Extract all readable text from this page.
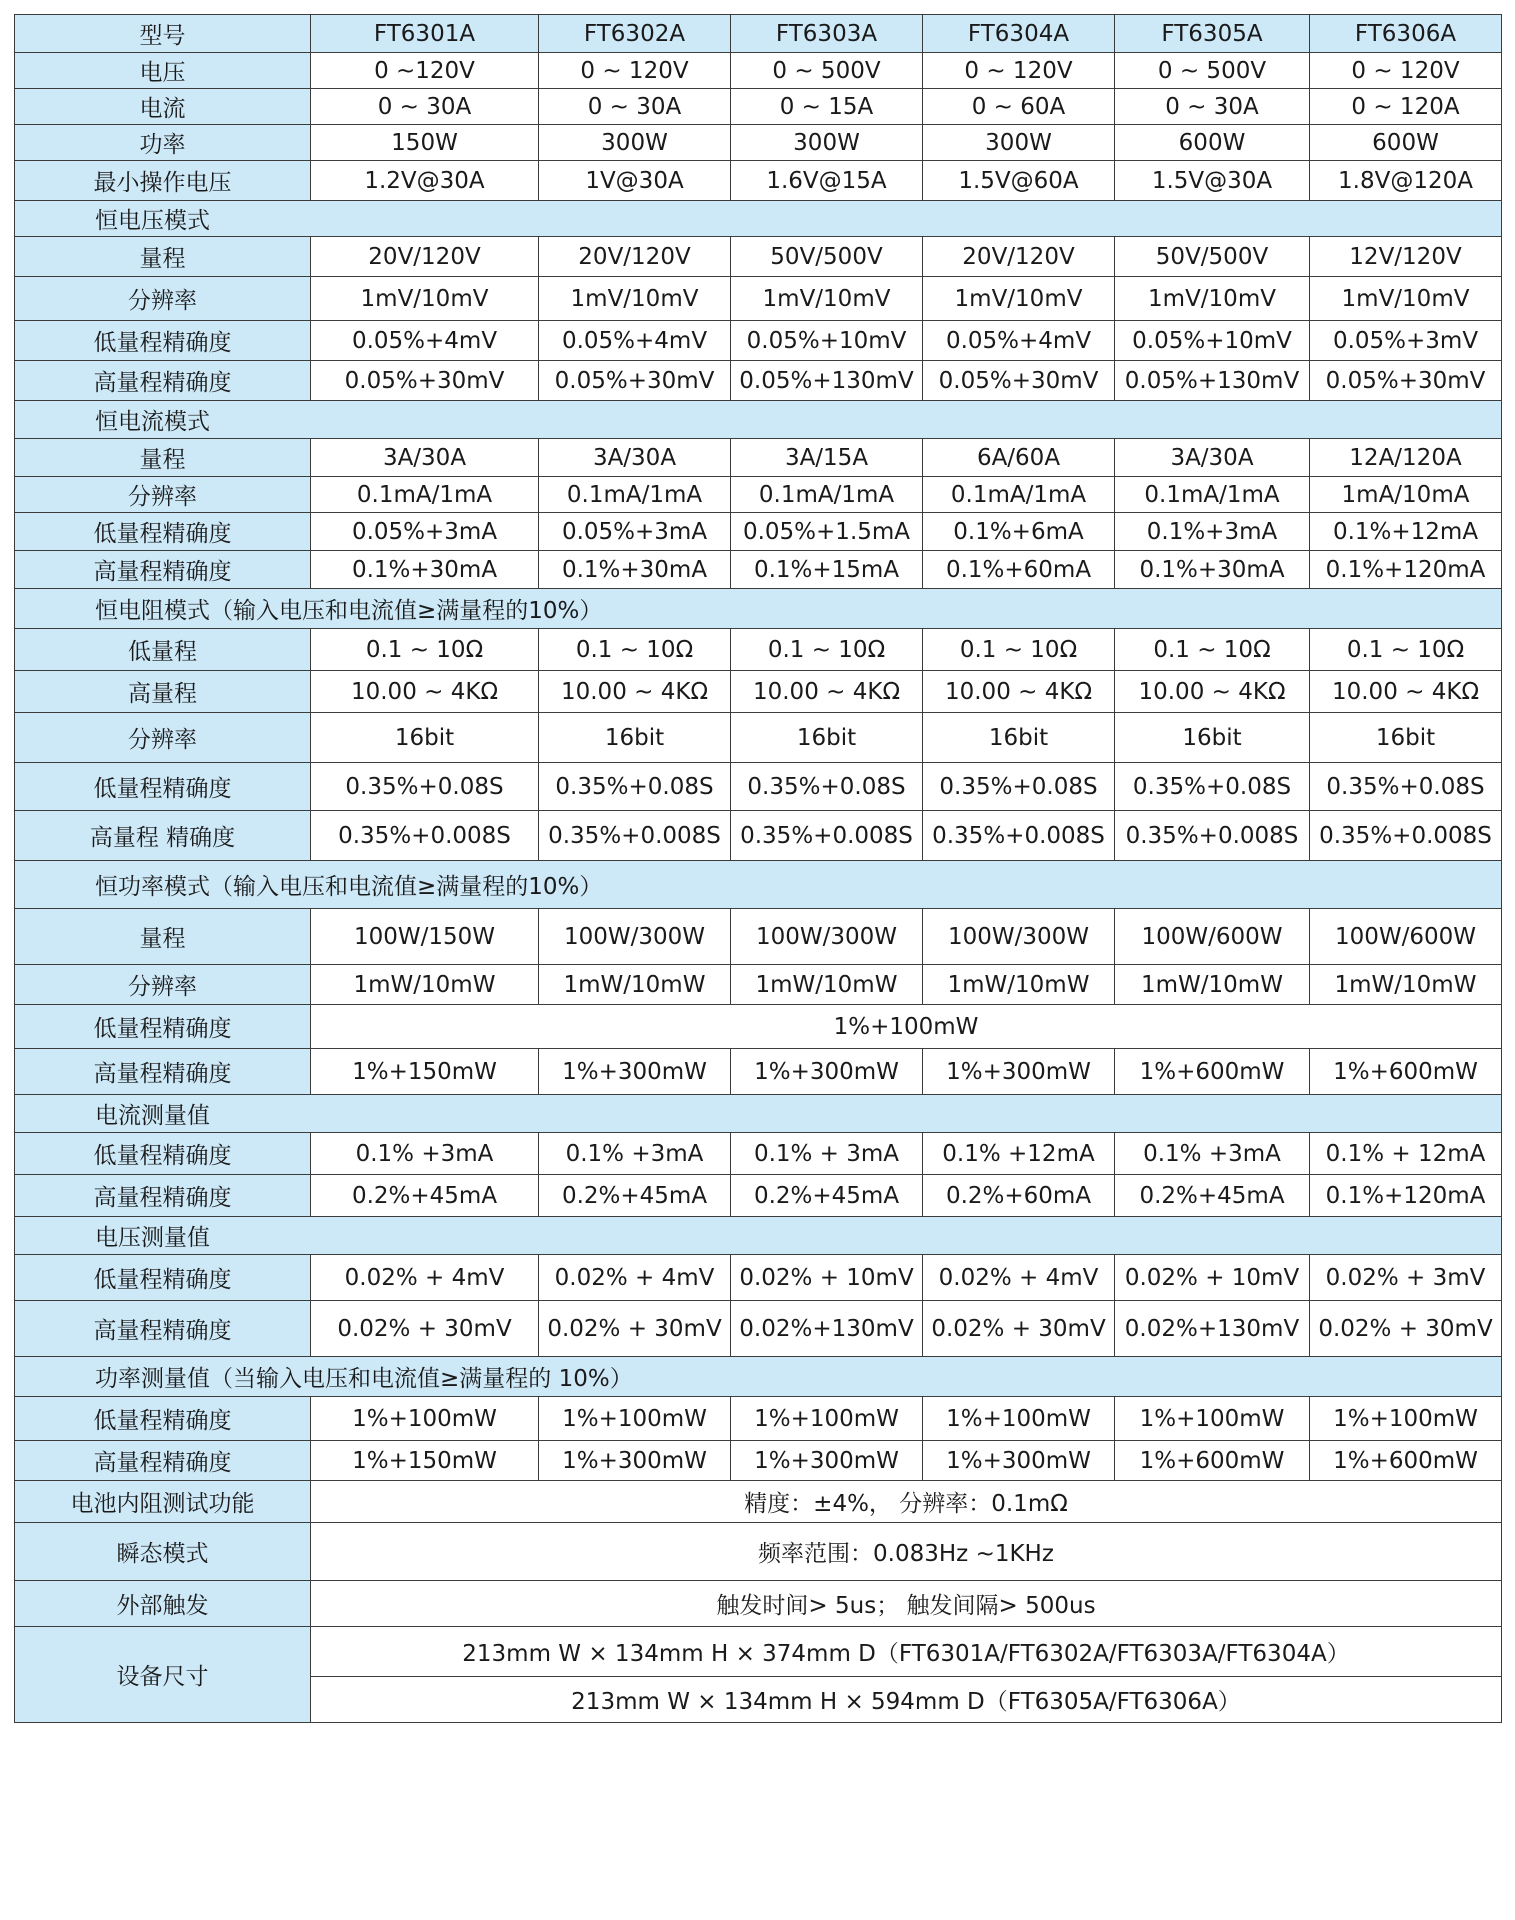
型号	FT6301A	FT6302A	FT6303A	FT6304A	FT6305A	FT6306A
电压	0 ~120V	0 ~ 120V	0 ~ 500V	0 ~ 120V	0 ~ 500V	0 ~ 120V
电流	0 ~ 30A	0 ~ 30A	0 ~ 15A	0 ~ 60A	0 ~ 30A	0 ~ 120A
功率	150W	300W	300W	300W	600W	600W
最小操作电压	1.2V@30A	1V@30A	1.6V@15A	1.5V@60A	1.5V@30A	1.8V@120A
恒电压模式						
量程	20V/120V	20V/120V	50V/500V	20V/120V	50V/500V	12V/120V
分辨率	1mV/10mV	1mV/10mV	1mV/10mV	1mV/10mV	1mV/10mV	1mV/10mV
低量程精确度	0.05%+4mV	0.05%+4mV	0.05%+10mV	0.05%+4mV	0.05%+10mV	0.05%+3mV
高量程精确度	0.05%+30mV	0.05%+30mV	0.05%+130mV	0.05%+30mV	0.05%+130mV	0.05%+30mV
恒电流模式						
量程	3A/30A	3A/30A	3A/15A	6A/60A	3A/30A	12A/120A
分辨率	0.1mA/1mA	0.1mA/1mA	0.1mA/1mA	0.1mA/1mA	0.1mA/1mA	1mA/10mA
低量程精确度	0.05%+3mA	0.05%+3mA	0.05%+1.5mA	0.1%+6mA	0.1%+3mA	0.1%+12mA
高量程精确度	0.1%+30mA	0.1%+30mA	0.1%+15mA	0.1%+60mA	0.1%+30mA	0.1%+120mA
恒电阻模式（输入电压和电流值≥满量程的10%）						
低量程	0.1 ~ 10Ω	0.1 ~ 10Ω	0.1 ~ 10Ω	0.1 ~ 10Ω	0.1 ~ 10Ω	0.1 ~ 10Ω
高量程	10.00 ~ 4KΩ	10.00 ~ 4KΩ	10.00 ~ 4KΩ	10.00 ~ 4KΩ	10.00 ~ 4KΩ	10.00 ~ 4KΩ
分辨率	16bit	16bit	16bit	16bit	16bit	16bit
低量程精确度	0.35%+0.08S	0.35%+0.08S	0.35%+0.08S	0.35%+0.08S	0.35%+0.08S	0.35%+0.08S
高量程 精确度	0.35%+0.008S	0.35%+0.008S	0.35%+0.008S	0.35%+0.008S	0.35%+0.008S	0.35%+0.008S
恒功率模式（输入电压和电流值≥满量程的10%）						
量程	100W/150W	100W/300W	100W/300W	100W/300W	100W/600W	100W/600W
分辨率	1mW/10mW	1mW/10mW	1mW/10mW	1mW/10mW	1mW/10mW	1mW/10mW
低量程精确度	1%+100mW					
高量程精确度	1%+150mW	1%+300mW	1%+300mW	1%+300mW	1%+600mW	1%+600mW
电流测量值						
低量程精确度	0.1% +3mA	0.1% +3mA	0.1% + 3mA	0.1% +12mA	0.1% +3mA	0.1% + 12mA
高量程精确度	0.2%+45mA	0.2%+45mA	0.2%+45mA	0.2%+60mA	0.2%+45mA	0.1%+120mA
电压测量值						
低量程精确度	0.02% + 4mV	0.02% + 4mV	0.02% + 10mV	0.02% + 4mV	0.02% + 10mV	0.02% + 3mV
高量程精确度	0.02% + 30mV	0.02% + 30mV	0.02%+130mV	0.02% + 30mV	0.02%+130mV	0.02% + 30mV
功率测量值（当输入电压和电流值≥满量程的 10%）						
低量程精确度	1%+100mW	1%+100mW	1%+100mW	1%+100mW	1%+100mW	1%+100mW
高量程精确度	1%+150mW	1%+300mW	1%+300mW	1%+300mW	1%+600mW	1%+600mW
电池内阻测试功能	精度：±4%， 分辨率：0.1mΩ					
瞬态模式	频率范围：0.083Hz ~1KHz					
外部触发	触发时间> 5us； 触发间隔> 500us					
设备尺寸	213mm W × 134mm H × 374mm D（FT6301A/FT6302A/FT6303A/FT6304A）					
	213mm W × 134mm H × 594mm D（FT6305A/FT6306A）					
